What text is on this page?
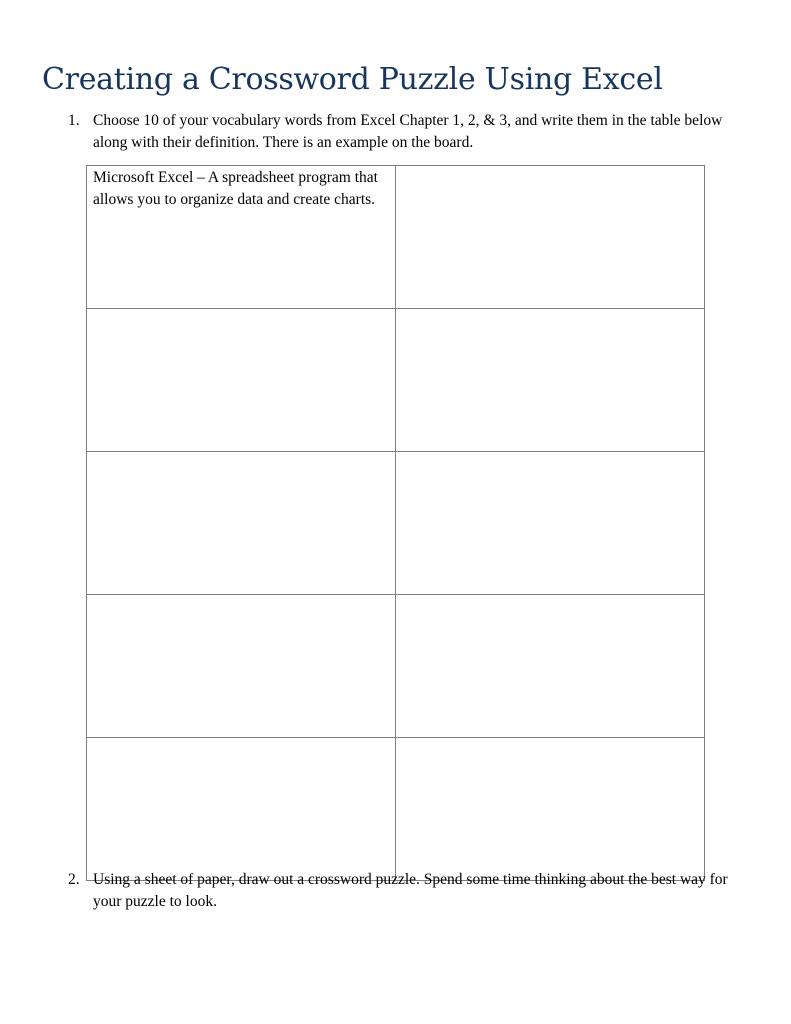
Creating a Crossword Puzzle Using Excel
1. Choose 10 of your vocabulary words from Excel Chapter 1, 2, & 3, and write them in the table below along with their definition. There is an example on the board.
Microsoft Excel – A spreadsheet program that allows you to organize data and create charts.	

2. Using a sheet of paper, draw out a crossword puzzle. Spend some time thinking about the best way for your puzzle to look.
